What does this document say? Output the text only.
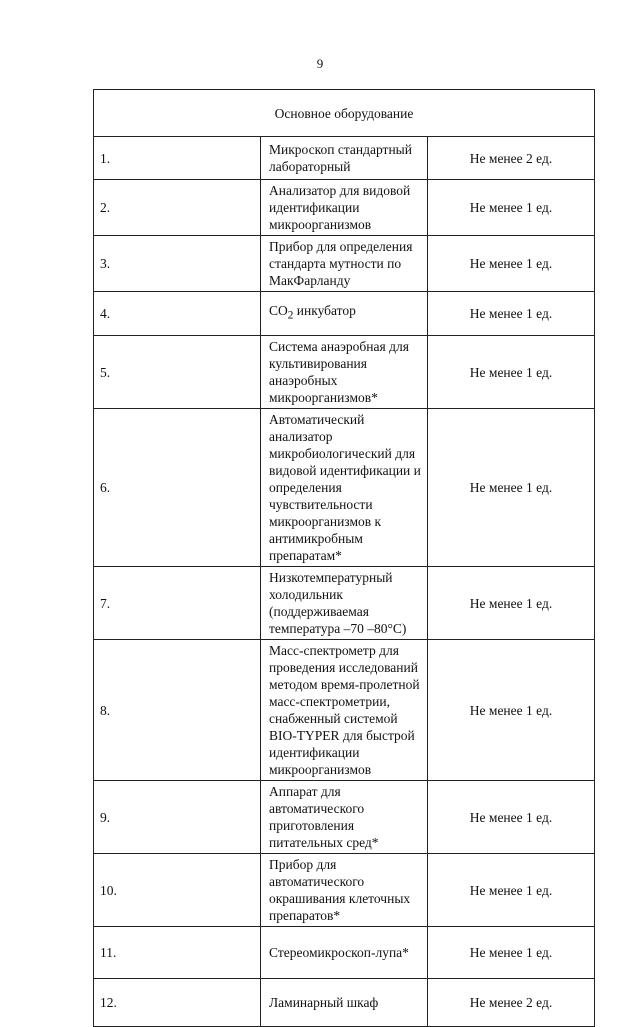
9
Основное оборудование		
1.	Микроскоп стандартный лабораторный	Не менее 2 ед.
2.	Анализатор для видовой идентификации микроорганизмов	Не менее 1 ед.
3.	Прибор для определения стандарта мутности по МакФарланду	Не менее 1 ед.
4.	$CO_2$ инкубатор	Не менее 1 ед.
5.	Система анаэробная для культивирования анаэробных микроорганизмов*	Не менее 1 ед.
6.	Автоматический анализатор микробиологический для видовой идентификации и определения чувствительности микроорганизмов к антимикробным препаратам*	Не менее 1 ед.
7.	Низкотемпературный холодильник (поддерживаемая температура –70 –80°С)	Не менее 1 ед.
8.	Масс-спектрометр для проведения исследований методом время-пролетной масс-спектрометрии, снабженный системой BIO-TYPER для быстрой идентификации микроорганизмов	Не менее 1 ед.
9.	Аппарат для автоматического приготовления питательных сред*	Не менее 1 ед.
10.	Прибор для автоматического окрашивания клеточных препаратов*	Не менее 1 ед.
11.	Стереомикроскоп-лупа*	Не менее 1 ед.
12.	Ламинарный шкаф	Не менее 2 ед.
